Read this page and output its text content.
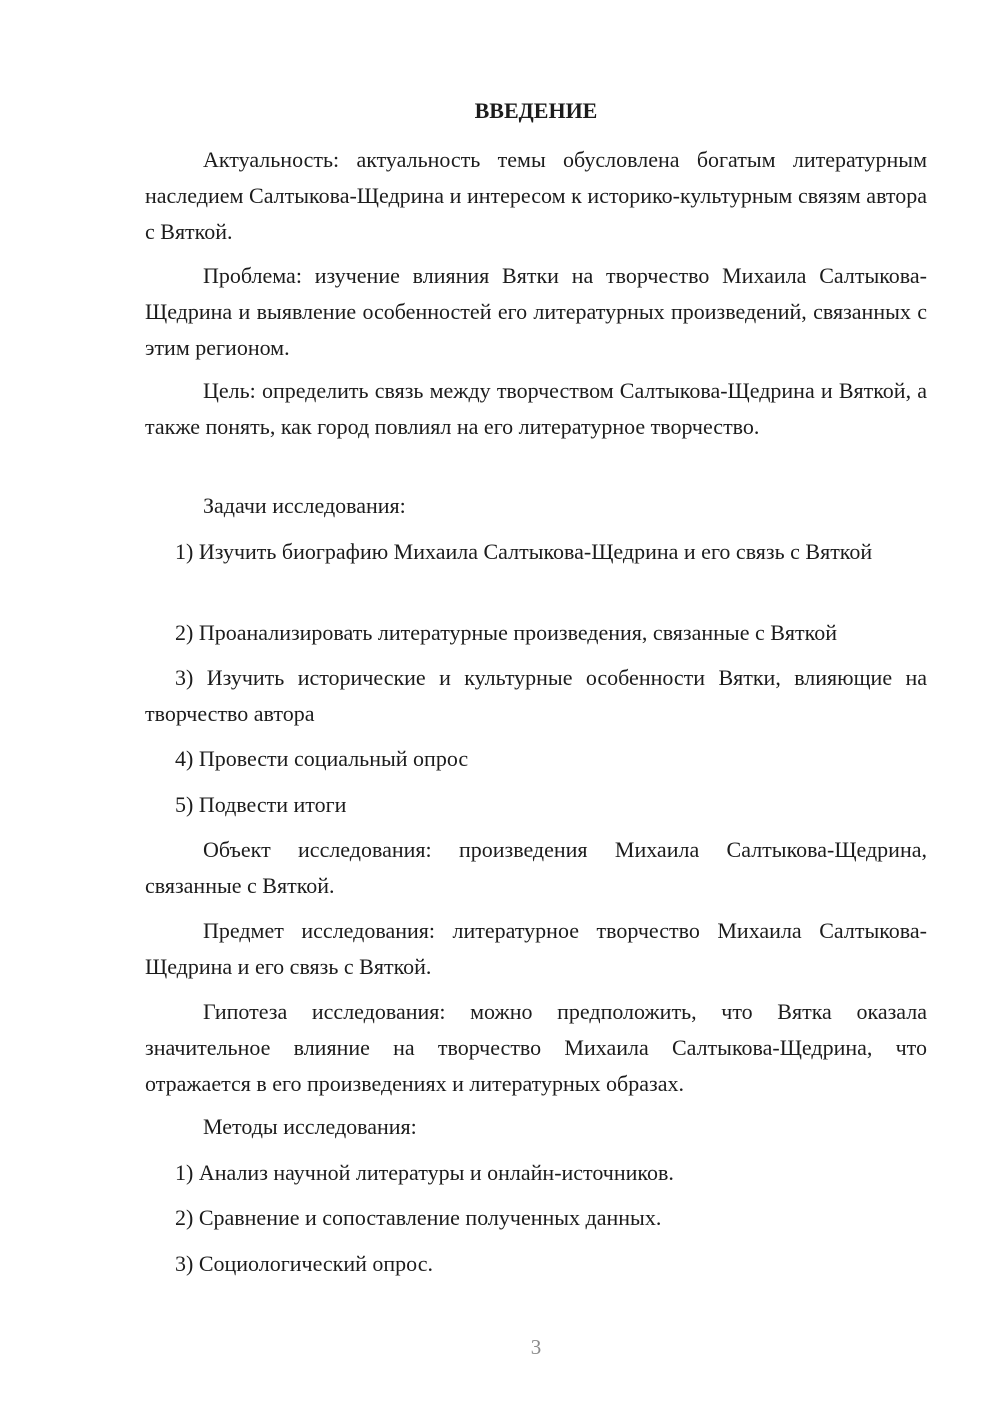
ВВЕДЕНИЕ

Актуальность: актуальность темы обусловлена богатым литературным наследием Салтыкова-Щедрина и интересом к историко-культурным связям автора с Вяткой.

Проблема: изучение влияния Вятки на творчество Михаила Салтыкова-Щедрина и выявление особенностей его литературных произведений, связанных с этим регионом.

Цель: определить связь между творчеством Салтыкова-Щедрина и Вяткой, а также понять, как город повлиял на его литературное творчество.

Задачи исследования:

1) Изучить биографию Михаила Салтыкова-Щедрина и его связь с Вяткой

2) Проанализировать литературные произведения, связанные с Вяткой

3) Изучить исторические и культурные особенности Вятки, влияющие на творчество автора

4) Провести социальный опрос

5) Подвести итоги

Объект исследования: произведения Михаила Салтыкова-Щедрина, связанные с Вяткой.

Предмет исследования: литературное творчество Михаила Салтыкова-Щедрина и его связь с Вяткой.

Гипотеза исследования: можно предположить, что Вятка оказала значительное влияние на творчество Михаила Салтыкова-Щедрина, что отражается в его произведениях и литературных образах.

Методы исследования:

1) Анализ научной литературы и онлайн-источников.

2) Сравнение и сопоставление полученных данных.

3) Социологический опрос.

3
